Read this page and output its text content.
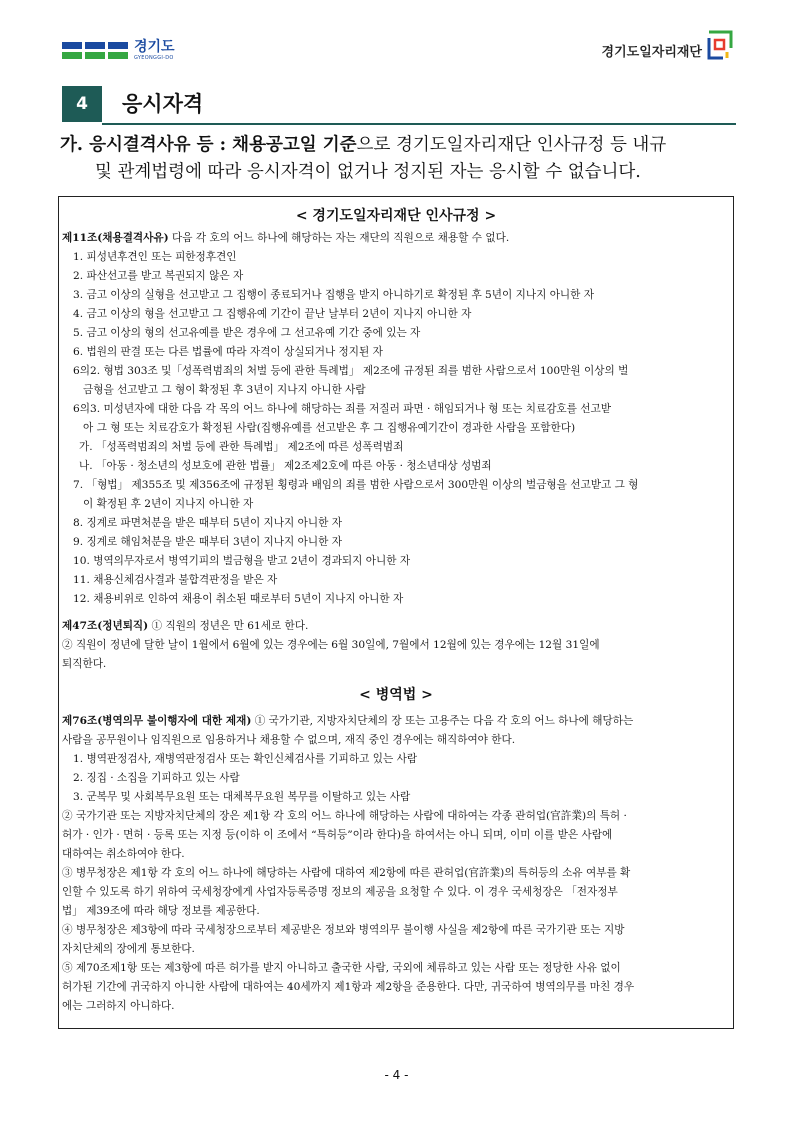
경기도
GYEONGGI-DO	경기도일자리재단
4	응시자격
가. 응시결격사유 등 : 채용공고일 기준으로 경기도일자리재단 인사규정 등 내규
및 관계법령에 따라 응시자격이 없거나 정지된 자는 응시할 수 없습니다.
< 경기도일자리재단 인사규정 >
제11조(채용결격사유) 다음 각 호의 어느 하나에 해당하는 자는 재단의 직원으로 채용할 수 없다.
1. 피성년후견인 또는 피한정후견인
2. 파산선고를 받고 복권되지 않은 자
3. 금고 이상의 실형을 선고받고 그 집행이 종료되거나 집행을 받지 아니하기로 확정된 후 5년이 지나지 아니한 자
4. 금고 이상의 형을 선고받고 그 집행유예 기간이 끝난 날부터 2년이 지나지 아니한 자
5. 금고 이상의 형의 선고유예를 받은 경우에 그 선고유예 기간 중에 있는 자
6. 법원의 판결 또는 다른 법률에 따라 자격이 상실되거나 정지된 자
6의2. 형법 303조 및「성폭력범죄의 처벌 등에 관한 특례법」 제2조에 규정된 죄를 범한 사람으로서 100만원 이상의 벌
금형을 선고받고 그 형이 확정된 후 3년이 지나지 아니한 사람
6의3. 미성년자에 대한 다음 각 목의 어느 하나에 해당하는 죄를 저질러 파면 · 해임되거나 형 또는 치료감호를 선고받
아 그 형 또는 치료감호가 확정된 사람(집행유예를 선고받은 후 그 집행유예기간이 경과한 사람을 포함한다)
가. 「성폭력범죄의 처벌 등에 관한 특례법」 제2조에 따른 성폭력범죄
나. 「아동 · 청소년의 성보호에 관한 법률」 제2조제2호에 따른 아동 · 청소년대상 성범죄
7. 「형법」 제355조 및 제356조에 규정된 횡령과 배임의 죄를 범한 사람으로서 300만원 이상의 벌금형을 선고받고 그 형
이 확정된 후 2년이 지나지 아니한 자
8. 징계로 파면처분을 받은 때부터 5년이 지나지 아니한 자
9. 징계로 해임처분을 받은 때부터 3년이 지나지 아니한 자
10. 병역의무자로서 병역기피의 벌금형을 받고 2년이 경과되지 아니한 자
11. 채용신체검사결과 불합격판정을 받은 자
12. 채용비위로 인하여 채용이 취소된 때로부터 5년이 지나지 아니한 자
제47조(정년퇴직) ① 직원의 정년은 만 61세로 한다.
② 직원이 정년에 달한 날이 1월에서 6월에 있는 경우에는 6월 30일에, 7월에서 12월에 있는 경우에는 12월 31일에
퇴직한다.
< 병역법 >
제76조(병역의무 불이행자에 대한 제재) ① 국가기관, 지방자치단체의 장 또는 고용주는 다음 각 호의 어느 하나에 해당하는
사람을 공무원이나 임직원으로 임용하거나 채용할 수 없으며, 재직 중인 경우에는 해직하여야 한다.
1. 병역판정검사, 재병역판정검사 또는 확인신체검사를 기피하고 있는 사람
2. 징집 · 소집을 기피하고 있는 사람
3. 군복무 및 사회복무요원 또는 대체복무요원 복무를 이탈하고 있는 사람
② 국가기관 또는 지방자치단체의 장은 제1항 각 호의 어느 하나에 해당하는 사람에 대하여는 각종 관허업(官許業)의 특허 ·
허가 · 인가 · 면허 · 등록 또는 지정 등(이하 이 조에서 “특허등”이라 한다)을 하여서는 아니 되며, 이미 이를 받은 사람에
대하여는 취소하여야 한다.
③ 병무청장은 제1항 각 호의 어느 하나에 해당하는 사람에 대하여 제2항에 따른 관허업(官許業)의 특허등의 소유 여부를 확
인할 수 있도록 하기 위하여 국세청장에게 사업자등록증명 정보의 제공을 요청할 수 있다. 이 경우 국세청장은 「전자정부
법」 제39조에 따라 해당 정보를 제공한다.
④ 병무청장은 제3항에 따라 국세청장으로부터 제공받은 정보와 병역의무 불이행 사실을 제2항에 따른 국가기관 또는 지방
자치단체의 장에게 통보한다.
⑤ 제70조제1항 또는 제3항에 따른 허가를 받지 아니하고 출국한 사람, 국외에 체류하고 있는 사람 또는 정당한 사유 없이
허가된 기간에 귀국하지 아니한 사람에 대하여는 40세까지 제1항과 제2항을 준용한다. 다만, 귀국하여 병역의무를 마친 경우
에는 그러하지 아니하다.
- 4 -
